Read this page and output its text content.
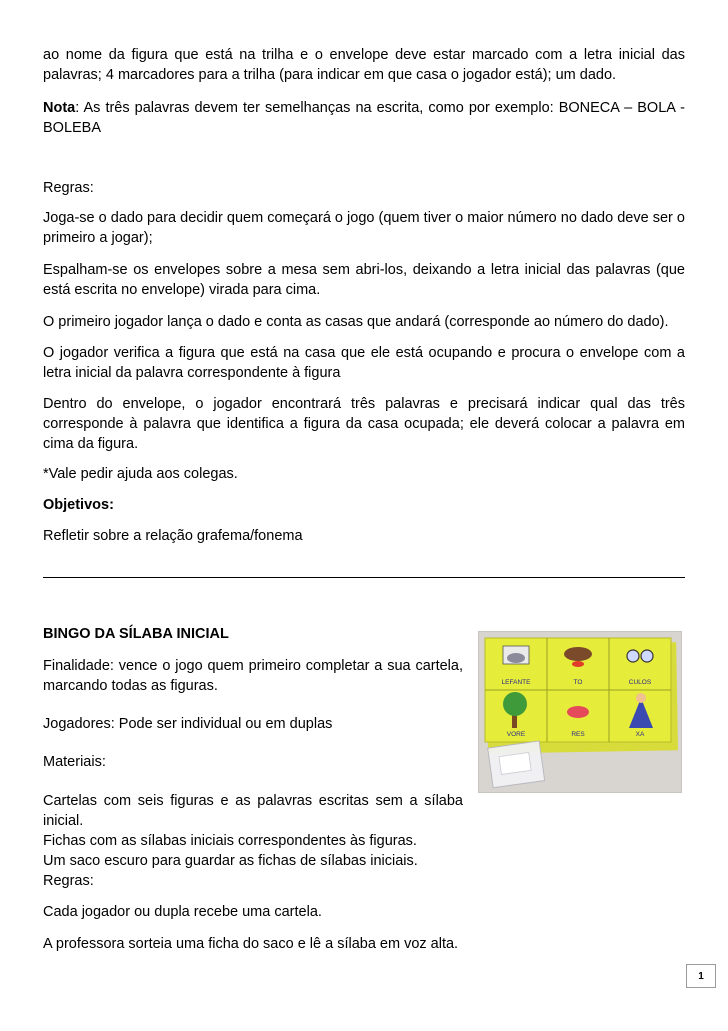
ao nome da figura que está na trilha e o envelope deve estar marcado com a letra inicial das palavras; 4 marcadores para a trilha (para indicar em que casa o jogador está); um dado.

Nota: As três palavras devem ter semelhanças na escrita, como por exemplo: BONECA – BOLA - BOLEBA

Regras:

Joga-se o dado para decidir quem começará o jogo (quem tiver o maior número no dado deve ser o primeiro a jogar);

Espalham-se os envelopes sobre a mesa sem abri-los, deixando a letra inicial das palavras (que está escrita no envelope) virada para cima.

O primeiro jogador lança o dado e conta as casas que andará (corresponde ao número do dado).

O jogador verifica a figura que está na casa que ele está ocupando e procura o envelope com a letra inicial da palavra correspondente à figura

Dentro do envelope, o jogador encontrará três palavras e precisará indicar qual das três corresponde à palavra que identifica a figura da casa ocupada; ele deverá colocar a palavra em cima da figura.

*Vale pedir ajuda aos colegas.

Objetivos:

Refletir sobre a relação grafema/fonema

BINGO DA SÍLABA INICIAL

Finalidade: vence o jogo quem primeiro completar a sua cartela, marcando todas as figuras.

Jogadores: Pode ser individual ou em duplas

Materiais:

Cartelas com seis figuras e as palavras escritas sem a sílaba inicial.

Fichas com as sílabas iniciais correspondentes às figuras.

Um saco escuro para guardar as fichas de sílabas iniciais.

Regras:

Cada jogador ou dupla recebe uma cartela.

A professora sorteia uma ficha do saco e lê a sílaba em voz alta.

LEFANTE	TO	CULOS
VORE	RES	XA
1
